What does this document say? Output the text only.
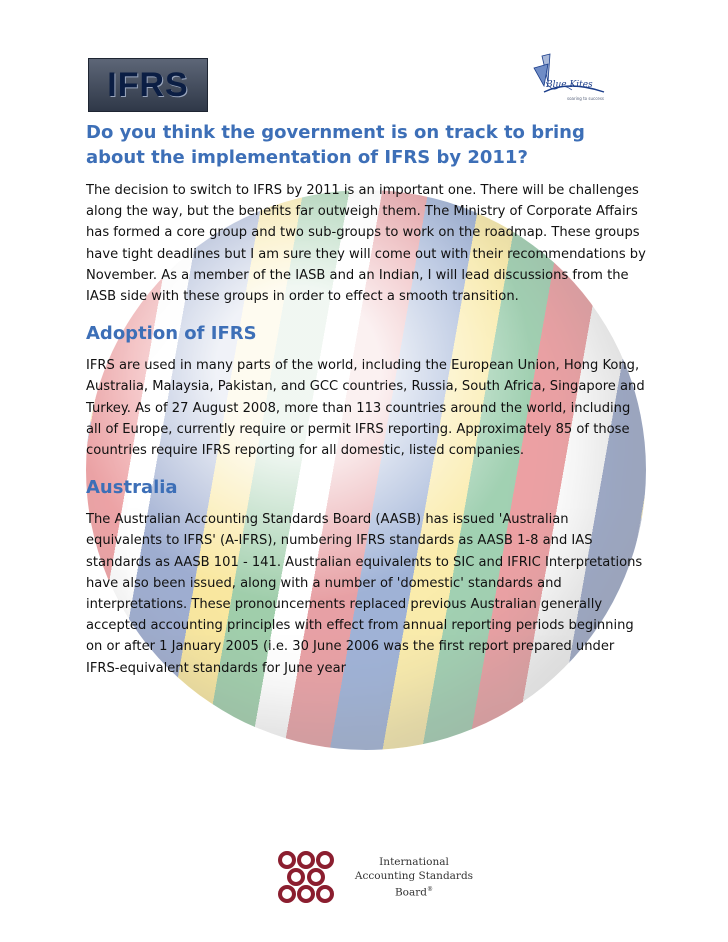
IFRS	Blue Kites
soaring to success
Do you think the government is on track to bring about the implementation of IFRS by 2011?

The decision to switch to IFRS by 2011 is an important one. There will be challenges along the way, but the benefits far outweigh them. The Ministry of Corporate Affairs has formed a core group and two sub-groups to work on the roadmap. These groups have tight deadlines but I am sure they will come out with their recommendations by November. As a member of the IASB and an Indian, I will lead discussions from the IASB side with these groups in order to effect a smooth transition.

Adoption of IFRS

IFRS are used in many parts of the world, including the European Union, Hong Kong, Australia, Malaysia, Pakistan, and GCC countries, Russia, South Africa, Singapore and Turkey. As of 27 August 2008, more than 113 countries around the world, including all of Europe, currently require or permit IFRS reporting. Approximately 85 of those countries require IFRS reporting for all domestic, listed companies.

Australia

The Australian Accounting Standards Board (AASB) has issued 'Australian equivalents to IFRS' (A-IFRS), numbering IFRS standards as AASB 1-8 and IAS standards as AASB 101 - 141. Australian equivalents to SIC and IFRIC Interpretations have also been issued, along with a number of 'domestic' standards and interpretations. These pronouncements replaced previous Australian generally accepted accounting principles with effect from annual reporting periods beginning on or after 1 January 2005 (i.e. 30 June 2006 was the first report prepared under IFRS-equivalent standards for June year

International
Accounting Standards
Board®
